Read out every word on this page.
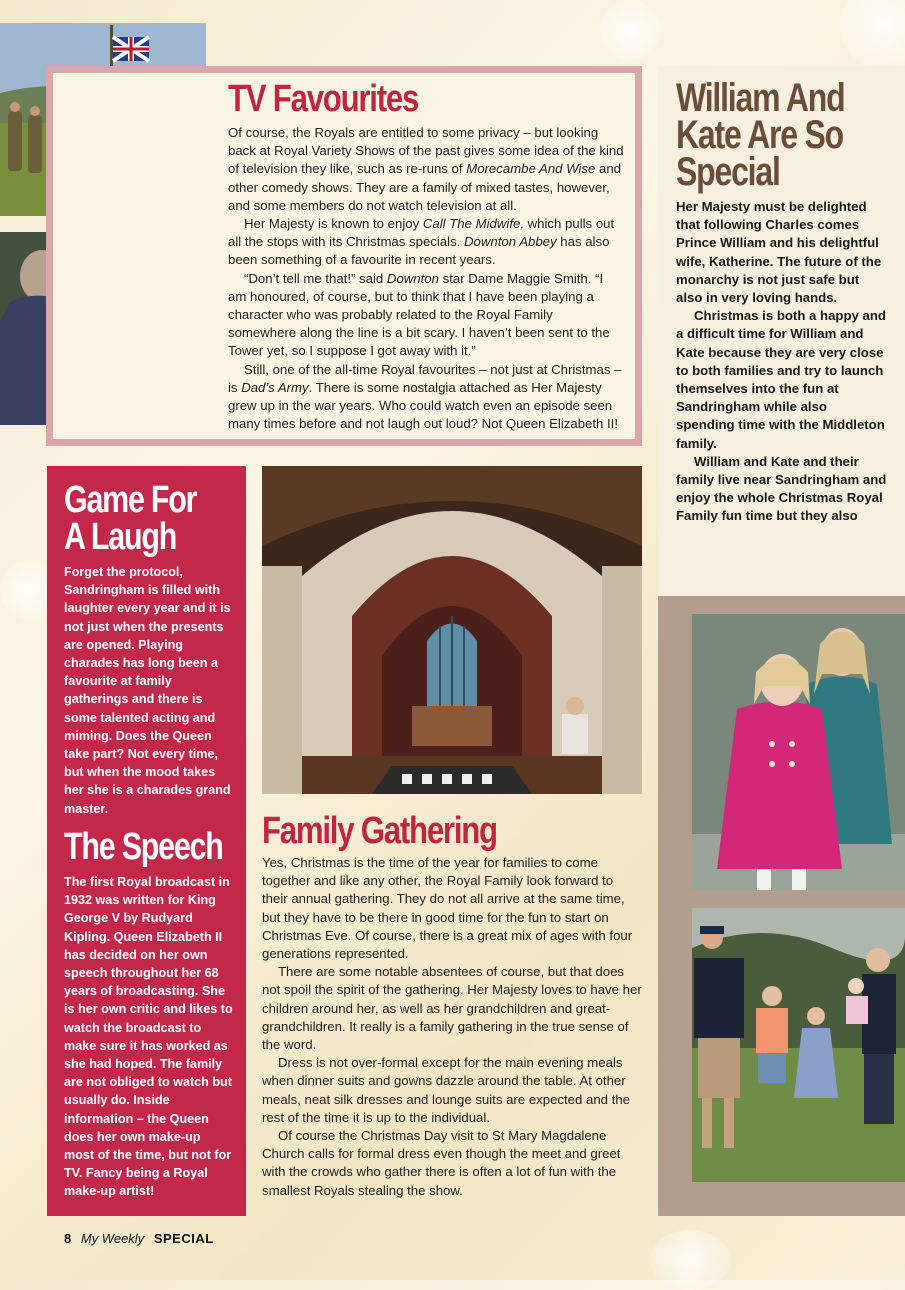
TV Favourites

Of course, the Royals are entitled to some privacy – but looking back at Royal Variety Shows of the past gives some idea of the kind of television they like, such as re-runs of Morecambe And Wise and other comedy shows. They are a family of mixed tastes, however, and some members do not watch television at all.

Her Majesty is known to enjoy Call The Midwife, which pulls out all the stops with its Christmas specials. Downton Abbey has also been something of a favourite in recent years.

“Don’t tell me that!” said Downton star Dame Maggie Smith. “I am honoured, of course, but to think that I have been playing a character who was probably related to the Royal Family somewhere along the line is a bit scary. I haven’t been sent to the Tower yet, so I suppose I got away with it.”

Still, one of the all-time Royal favourites – not just at Christmas – is Dad’s Army. There is some nostalgia attached as Her Majesty grew up in the war years. Who could watch even an episode seen many times before and not laugh out loud? Not Queen Elizabeth II!

William And
Kate Are So
Special

Her Majesty must be delighted that following Charles comes Prince William and his delightful wife, Katherine. The future of the monarchy is not just safe but also in very loving hands.

Christmas is both a happy and a difficult time for William and Kate because they are very close to both families and try to launch themselves into the fun at Sandringham while also spending time with the Middleton family.

William and Kate and their family live near Sandringham and enjoy the whole Christmas Royal Family fun time but they also

Game For
A Laugh
Forget the protocol, Sandringham is filled with laughter every year and it is not just when the presents are opened. Playing charades has long been a favourite at family gatherings and there is some talented acting and miming. Does the Queen take part? Not every time, but when the mood takes her she is a charades grand master.
The Speech
The first Royal broadcast in 1932 was written for King George V by Rudyard Kipling. Queen Elizabeth II has decided on her own speech throughout her 68 years of broadcasting. She is her own critic and likes to watch the broadcast to make sure it has worked as she had hoped. The family are not obliged to watch but usually do. Inside information – the Queen does her own make-up most of the time, but not for TV. Fancy being a Royal make-up artist!
Family Gathering

Yes, Christmas is the time of the year for families to come together and like any other, the Royal Family look forward to their annual gathering. They do not all arrive at the same time, but they have to be there in good time for the fun to start on Christmas Eve. Of course, there is a great mix of ages with four generations represented.

There are some notable absentees of course, but that does not spoil the spirit of the gathering. Her Majesty loves to have her children around her, as well as her grandchildren and great-grandchildren. It really is a family gathering in the true sense of the word.

Dress is not over-formal except for the main evening meals when dinner suits and gowns dazzle around the table. At other meals, neat silk dresses and lounge suits are expected and the rest of the time it is up to the individual.

Of course the Christmas Day visit to St Mary Magdalene Church calls for formal dress even though the meet and greet with the crowds who gather there is often a lot of fun with the smallest Royals stealing the show.

8 My Weekly SPECIAL
